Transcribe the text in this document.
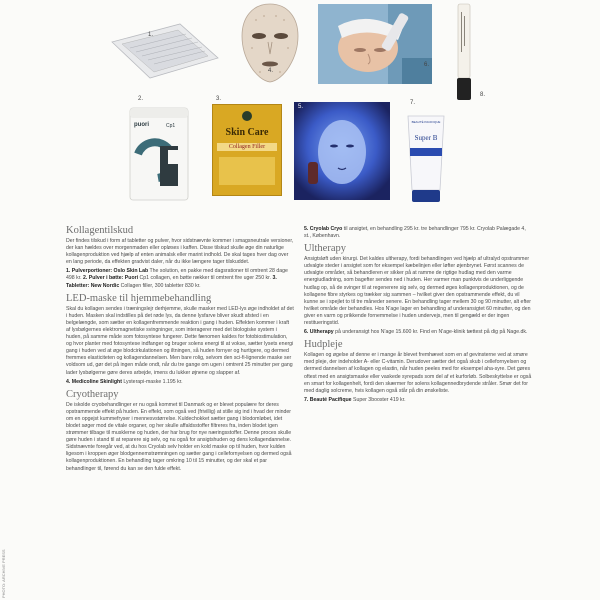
1.
4.
6.
8.
puori	Cp1
2.
Skin Care
Collagen Filler
3.
5.
BEAUTÉ PACIFIQUE
Super B
7.
Kollagentilskud

Der findes tilskud i form af tabletter og pulver, hvor sidstnævnte kommer i smagsneutrale versioner, der kan hældes over morgenmaden eller opløses i kaffen. Disse tilskud skulle øge din naturlige kollagenproduktion ved hjælp af enten animalsk eller marint indhold. De skal tages hver dag over en lang periode, da effekten gradvist daler, når du ikke længere tager tilskuddet.

1. Pulverportioner: Oslo Skin Lab The solution, en pakke med dagsrationer til omtrent 28 dage 498 kr. 2. Pulver i bøtte: Puori Cp1 collagen, en bøtte rækker til omtrent fire uger 250 kr. 3. Tabletter: New Nordic Collagen filler, 300 tabletter 830 kr.

LED-maske til hjemmebehandling

Skal du kollagen sendes i træningslejr derhjemme, skulle masker med LED-lys øge indholdet af det i huden. Masken skal indstilles på det røde lys, da denne lysfarve bliver skudt afsted i en belgelængde, som sætter en kollagenfremmende reaktion i gang i huden. Effekten kommer i kraft af lysbølgernes elektromagnetiske svingninger, som interagerer med det biologiske system i huden, på samme måde som fotosyntese fungerer. Dette fænomen kaldes for fotobiostimulation, og hvor planter med fotosyntese indfanger og bruger solens energi til at vokse, sætter lysets energi gang i huden ved at øge blodcirkulationen og iltningen, så huden fornyer og hurtigere, og dermed fremmes elasticiteten og kollagendannelsen. Men bare rolig, selvom den sci-fi-lignende maske ser voldsom ud, gør det på ingen måde ondt, når du tre gange om ugen i omtrent 25 minutter per gang lader lysbølgerne gøre deres arbejde, imens du lukker øjnene og slapper af.

4. Medicoline Skinlight Lysterapi-maske 1.195 kr.

Cryotherapy

De iskolde cryobehandlinger er nu også kommet til Danmark og er blevet populære for deres opstrammende effekt på huden. En effekt, som også ved (frivillig) at stille sig ind i hvad der minder om en opgejst kummefryser i mennesvstørrelse. Kuldechokket sætter gang i blodomløbet, idet blodet søger mod de vitale organer, og her skulle affaldsstoffer filtreres fra, inden blodet igen strømmer tilbage til musklerne og huden, der har brug for nye næringsstoffer. Denne proces skulle gøre huden i stand til at reparere sig selv, og nu også for ansigtshuden og dens kollagendannelse. Sidstnævnte foregår ved, at du hos Cryolab selv holder en kold maske op til huden, hvor kulden ligesom i kroppen øger blodgennemstrømningen og sætter gang i cellefornyelsen og dermed også kollagenproduktionen. En behandling tager omkring 10 til 15 minutter, og der skal et par behandlinger til, førend du kan se den fulde effekt.

5. Cryolab Cryo til ansigtet, en behandling 295 kr. tre behandlinger 795 kr. Cryolab Palægade 4, st., København.

Ultherapy

Ansigtsløft uden kirurgi. Det kaldes ultherapy, fordi behandlingen ved hjælp af ultralyd opstrammer udvalgte steder i ansigtet som for eksempel kæbelinjen eller løfter øjenbrynet. Først scannes de udvalgte områder, så behandleren er sikker på at ramme de rigtige hudlag med den varme energiudladning, som bagefter sendes ned i huden. Her varmer man punktvis de underliggende hudlag op, så de svinger til at regenerere sig selv, og dermed øges kollagenproduktionen, og de kollagene fibre styrkes og trækker sig sammen – hvilket giver den opstrammende effekt, du vil kunne se i spejlet to til tre måneder senere. En behandling tager mellem 30 og 90 minutter, alt efter hvilket område der behandles. Hos N'age lager en behandling af underansigtet 60 minutter, og den giver en varm og prikkende fornemmelse i huden undervejs, men til gengæld er der ingen restitueringstid.

6. Ultherapy på underansigt hos N'age 15.600 kr. Find en N'age-klinik tættest på dig på Nage.dk.

Hudpleje

Kollagen og øgelse af denne er i mange år blevet fremhævet som en af gevinsterne ved at smøre med pleje, der indeholder A- eller C-vitamin. Derudover sætter det også skub i cellefornyelsen og dermed dannelsen af kollagen og elastin, når huden peeles med for eksempel aha-syre. Det gøres oftest med en ansigtsmaske eller vaskede syrepads som del af et kurforløb. Solbeskyttelse er også en smart for kollagenhelt, fordi den skærmer for solens kollagennedbrydende stråler. Smør det for med daglig solcreme, hvis kollagen også står på din ønskeliste.

7. Beauté Pacifique Super 3booster 419 kr.

PHOTO: ARCHIVE PRESS
